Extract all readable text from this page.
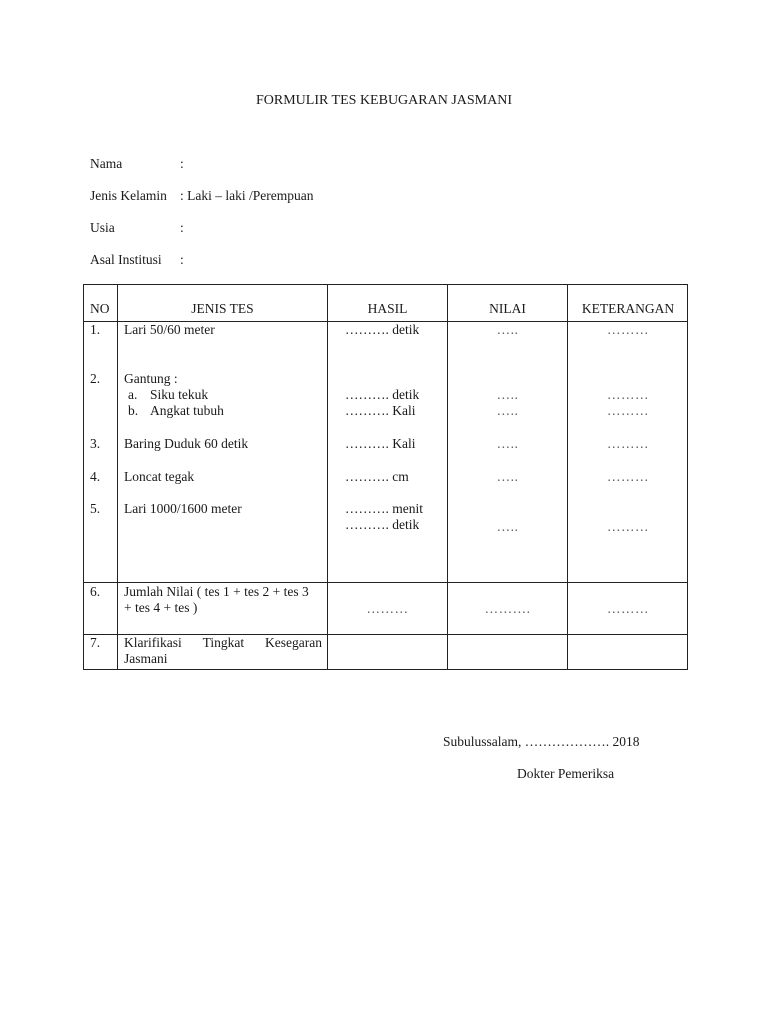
FORMULIR TES KEBUGARAN JASMANI
Nama	:
Jenis Kelamin : Laki – laki /Perempuan
Usia	:
Asal Institusi :
NO	JENIS TES	HASIL	NILAI	KETERANGAN
1. Lari 50/60 meter	………. detik	…..	………
2. Gantung :
a. Siku tekuk	………. detik	…..	………
b. Angkat tubuh	………. Kali	…..	………
3. Baring Duduk 60 detik	………. Kali	…..	………
4. Loncat tegak	………. cm	…..	………
5. Lari 1000/1600 meter	………. menit
………. detik	…..	………
6. Jumlah Nilai ( tes 1 + tes 2 + tes 3
+ tes 4 + tes )	………	……….	………
7. Klarifikasi Tingkat Kesegaran
Jasmani
Subulussalam, ………………. 2018
Dokter Pemeriksa
